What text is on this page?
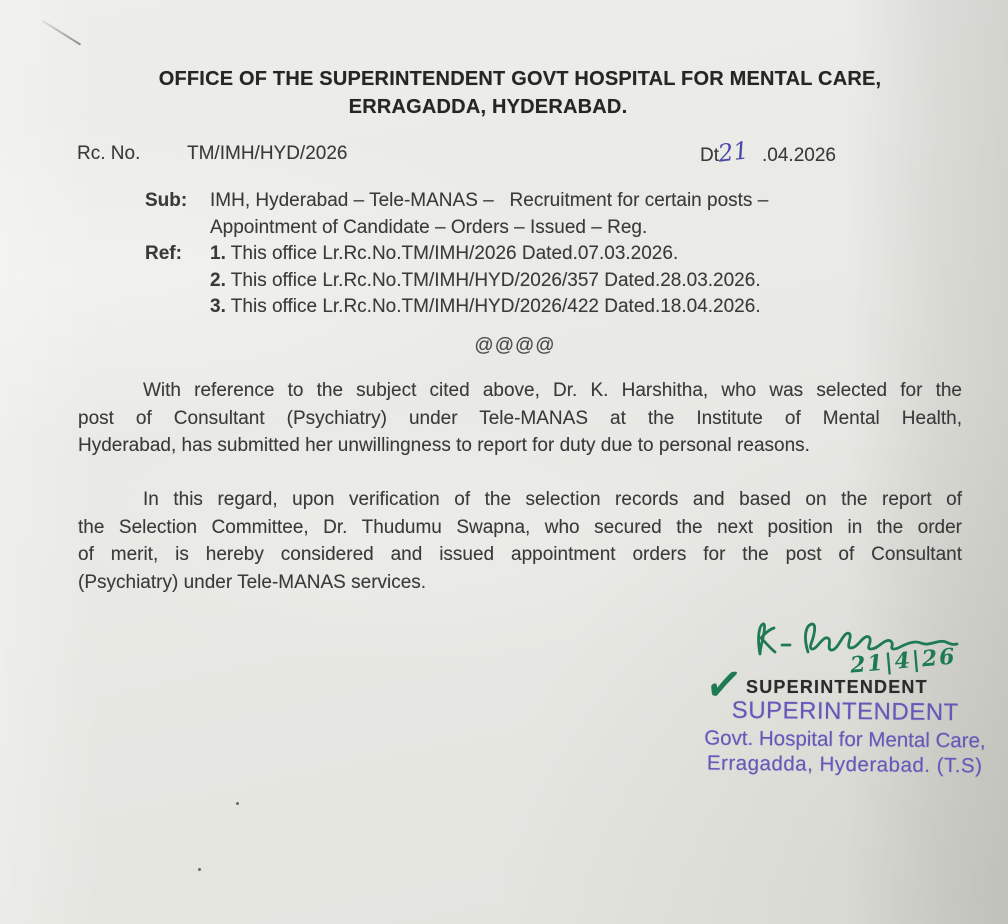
OFFICE OF THE SUPERINTENDENT GOVT HOSPITAL FOR MENTAL CARE,
ERRAGADDA, HYDERABAD.
Rc. No. TM/IMH/HYD/2026	Dt
21 .04.2026
Sub: IMH, Hyderabad – Tele-MANAS –   Recruitment for certain posts –
Appointment of Candidate – Orders – Issued – Reg.
Ref: 1. This office Lr.Rc.No.TM/IMH/2026 Dated.07.03.2026.
2. This office Lr.Rc.No.TM/IMH/HYD/2026/357 Dated.28.03.2026.
3. This office Lr.Rc.No.TM/IMH/HYD/2026/422 Dated.18.04.2026.
@@@@
With reference to the subject cited above, Dr. K. Harshitha, who was selected for the
post of Consultant (Psychiatry) under Tele-MANAS at the Institute of Mental Health,
Hyderabad, has submitted her unwillingness to report for duty due to personal reasons.
In this regard, upon verification of the selection records and based on the report of
the Selection Committee, Dr. Thudumu Swapna, who secured the next position in the order
of merit, is hereby considered and issued appointment orders for the post of Consultant
(Psychiatry) under Tele-MANAS services.
21|4|26
✓ SUPERINTENDENT
SUPERINTENDENT
Govt. Hospital for Mental Care,
Erragadda, Hyderabad. (T.S)
